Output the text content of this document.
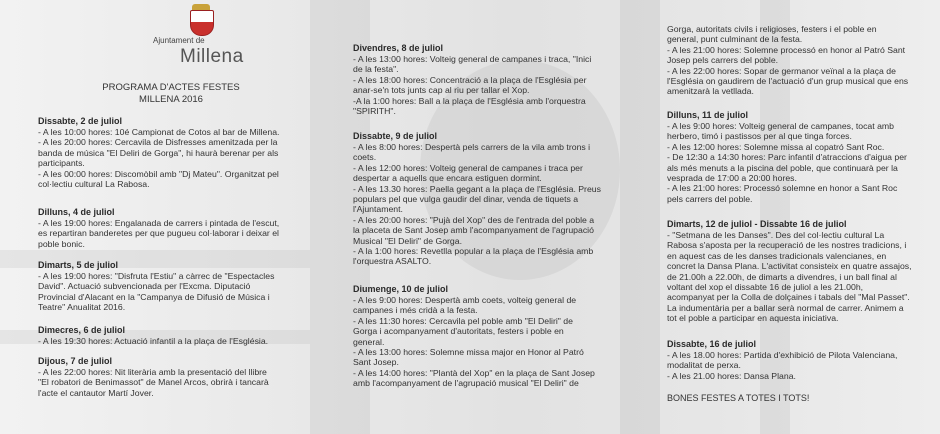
Ajuntament de
Millena
PROGRAMA D'ACTES FESTES
MILLENA 2016
Dissabte, 2 de juliol
- A les 10:00 hores: 10é Campionat de Cotos al bar de Millena.
- A les 20:00 hores: Cercavila de Disfresses amenitzada per la
banda de música "El Deliri de Gorga", hi haurà berenar per als
participants.
- A les 00:00 hores: Discomòbil amb "Dj Mateu". Organitzat pel
col·lectiu cultural La Rabosa.
Dilluns, 4 de juliol
- A les 19:00 hores: Engalanada de carrers i pintada de l'escut,
es repartiran banderetes per que pugueu col·laborar i deixar el
poble bonic.
Dimarts, 5 de juliol
- A les 19:00 hores: "Disfruta l'Estiu" a càrrec de "Espectacles
David". Actuació subvencionada per l'Excma. Diputació
Provincial d'Alacant en la "Campanya de Difusió de Música i
Teatre" Anualitat 2016.
Dimecres, 6 de juliol
- A les 19:30 hores: Actuació infantil a la plaça de l'Església.
Dijous, 7 de juliol
- A les 22:00 hores: Nit literària amb la presentació del llibre
"El robatori de Benimassot" de Manel Arcos, obrirà i tancarà
l'acte el cantautor Martí Jover.
Divendres, 8 de juliol
- A les 13:00 hores: Volteig general de campanes i traca, "Inici
de la festa".
- A les 18:00 hores: Concentració a la plaça de l'Església per
anar-se'n tots junts cap al riu per tallar el Xop.
-A la 1:00 hores: Ball a la plaça de l'Església amb l'orquestra
"SPIRITH".
Dissabte, 9 de juliol
- A les 8:00 hores: Despertà pels carrers de la vila amb trons i
coets.
- A les 12:00 hores: Volteig general de campanes i traca per
despertar a aquells que encara estiguen dormint.
- A les 13.30 hores: Paella gegant a la plaça de l'Església. Preus
populars pel que vulga gaudir del dinar, venda de tiquets a
l'Ajuntament.
- A les 20:00 hores: "Pujà del Xop" des de l'entrada del poble a
la placeta de Sant Josep amb l'acompanyament de l'agrupació
Musical "El Deliri" de Gorga.
- A la 1:00 hores: Revetlla popular a la plaça de l'Església amb
l'orquestra ASALTO.
Diumenge, 10 de juliol
- A les 9:00 hores: Despertà amb coets, volteig general de
campanes i més cridà a la festa.
- A les 11:30 hores: Cercavila pel poble amb "El Deliri" de
Gorga i acompanyament d'autoritats, festers i poble en
general.
- A les 13:00 hores: Solemne missa major en Honor al Patró
Sant Josep.
- A les 14:00 hores: "Plantà del Xop" en la plaça de Sant Josep
amb l'acompanyament de l'agrupació musical "El Deliri" de
Gorga, autoritats civils i religioses, festers i el poble en
general, punt culminant de la festa.
- A les 21:00 hores: Solemne processó en honor al Patró Sant
Josep pels carrers del poble.
- A les 22:00 hores: Sopar de germanor veïnal a la plaça de
l'Església on gaudirem de l'actuació d'un grup musical que ens
amenitzarà la vetllada.
Dilluns, 11 de juliol
- A les 9:00 hores: Volteig general de campanes, tocat amb
herbero, timó i pastissos per al que tinga forces.
- A les 12:00 hores: Solemne missa al copatró Sant Roc.
- De 12:30 a 14:30 hores: Parc infantil d'atraccions d'aigua per
als més menuts a la piscina del poble, que continuarà per la
vesprada de 17:00 a 20:00 hores.
- A les 21:00 hores: Processó solemne en honor a Sant Roc
pels carrers del poble.
Dimarts, 12 de juliol - Dissabte 16 de juliol
- "Setmana de les Danses". Des del col·lectiu cultural La
Rabosa s'aposta per la recuperació de les nostres tradicions, i
en aquest cas de les danses tradicionals valencianes, en
concret la Dansa Plana. L'activitat consisteix en quatre assajos,
de 21.00h a 22.00h, de dimarts a divendres, i un ball final al
voltant del xop el dissabte 16 de juliol a les 21.00h,
acompanyat per la Colla de dolçaines i tabals del "Mal Passet".
La indumentària per a ballar serà normal de carrer. Animem a
tot el poble a participar en aquesta iniciativa.
Dissabte, 16 de juliol
- A les 18.00 hores: Partida d'exhibició de Pilota Valenciana,
modalitat de perxa.
- A les 21.00 hores: Dansa Plana.
BONES FESTES A TOTES I TOTS!
